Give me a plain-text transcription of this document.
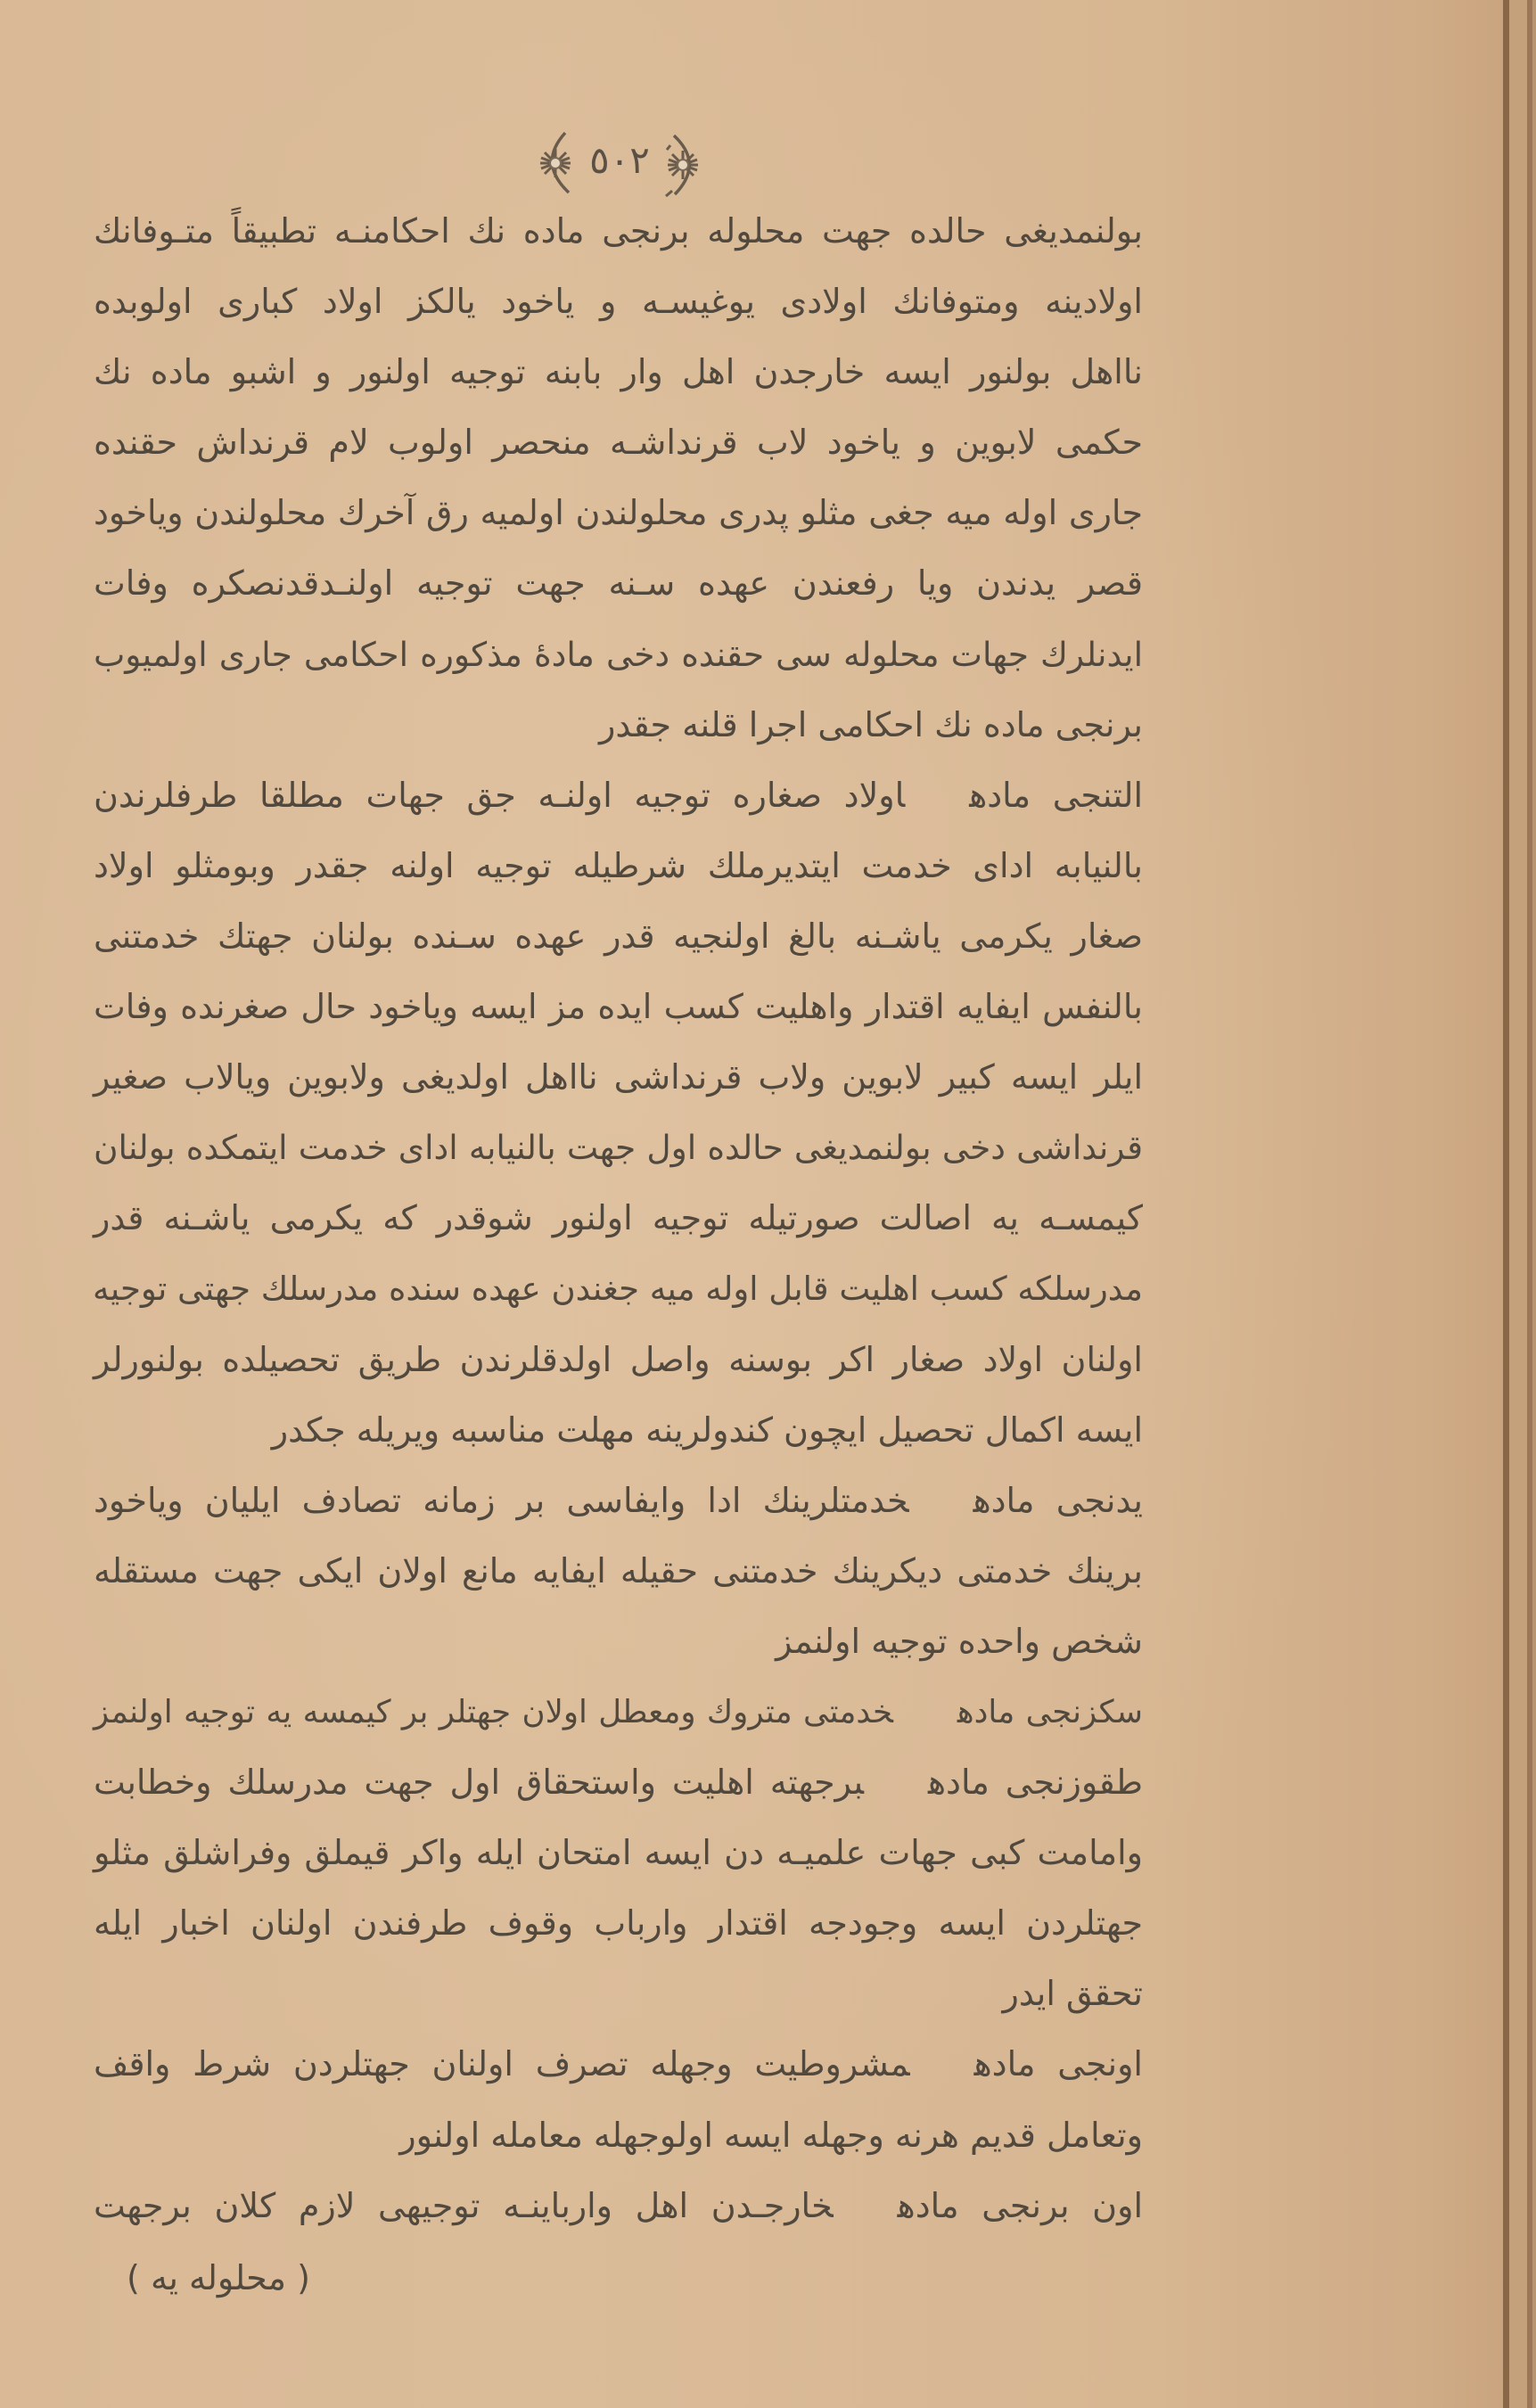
٥٠٢
بولنمدیغی حالده جهت محلوله برنجی ماده نك احكامنـه تطبیقاً متـوفانك
اولادینه ومتوفانك اولادی یوغیسـه و یاخود یالكز اولاد كباری اولوبده
نااهل بولنور ایسه خارجدن اهل وار بابنه توجیه اولنور و اشبو ماده نك
حكمی لابوین و یاخود لاب قرنداشـه منحصر اولوب لام قرنداش حقنده
جاری اوله میه جغی مثلو پدری محلولندن اولمیه رق آخرك محلولندن ویاخود
قصر یدندن ویا رفعندن عهده سـنه جهت توجیه اولنـدقدنصكره وفات
ایدنلرك جهات محلوله سی حقنده دخی مادهٔ مذكوره احكامی جاری اولمیوب
برنجی ماده نك احكامی اجرا قلنه جقدر
التنجی مادهاولاد صغاره توجیه اولنـه جق جهات مطلقا طرفلرندن
بالنیابه ادای خدمت ایتدیرملك شرطیله توجیه اولنه جقدر وبومثلو اولاد
صغار یكرمی یاشـنه بالغ اولنجیه قدر عهده سـنده بولنان جهتك خدمتنی
بالنفس ایفایه اقتدار واهلیت كسب ایده مز ایسه ویاخود حال صغرنده وفات
ایلر ایسه كبیر لابوین ولاب قرنداشی نااهل اولدیغی ولابوین ویالاب صغیر
قرنداشی دخی بولنمدیغی حالده اول جهت بالنیابه ادای خدمت ایتمكده بولنان
كیمسـه یه اصالت صورتیله توجیه اولنور شوقدر كه یكرمی یاشـنه قدر
مدرسلكه كسب اهلیت قابل اوله میه جغندن عهده سنده مدرسلك جهتی توجیه
اولنان اولاد صغار اكر بوسنه واصل اولدقلرندن طریق تحصیلده بولنورلر
ایسه اكمال تحصیل ایچون كندولرینه مهلت مناسبه ویریله جكدر
یدنجی مادهخدمتلرینك ادا وایفاسی بر زمانه تصادف ایلیان ویاخود
برینك خدمتی دیكرینك خدمتنی حقیله ایفایه مانع اولان ایكی جهت مستقله
شخص واحده توجیه اولنمز
سكزنجی مادهخدمتی متروك ومعطل اولان جهتلر بر كیمسه یه توجیه اولنمز
طقوزنجی مادهبرجهته اهلیت واستحقاق اول جهت مدرسلك وخطابت
وامامت كبی جهات علمیـه دن ایسه امتحان ایله واكر قیملق وفراشلق مثلو
جهتلردن ایسه وجودجه اقتدار وارباب وقوف طرفندن اولنان اخبار ایله
تحقق ایدر
اونجی مادهمشروطیت وجهله تصرف اولنان جهتلردن شرط واقف
وتعامل قدیم هرنه وجهله ایسه اولوجهله معامله اولنور
اون برنجی مادهخارجـدن اهل وارباینـه توجیهی لازم كلان برجهت
( محلوله یه )
